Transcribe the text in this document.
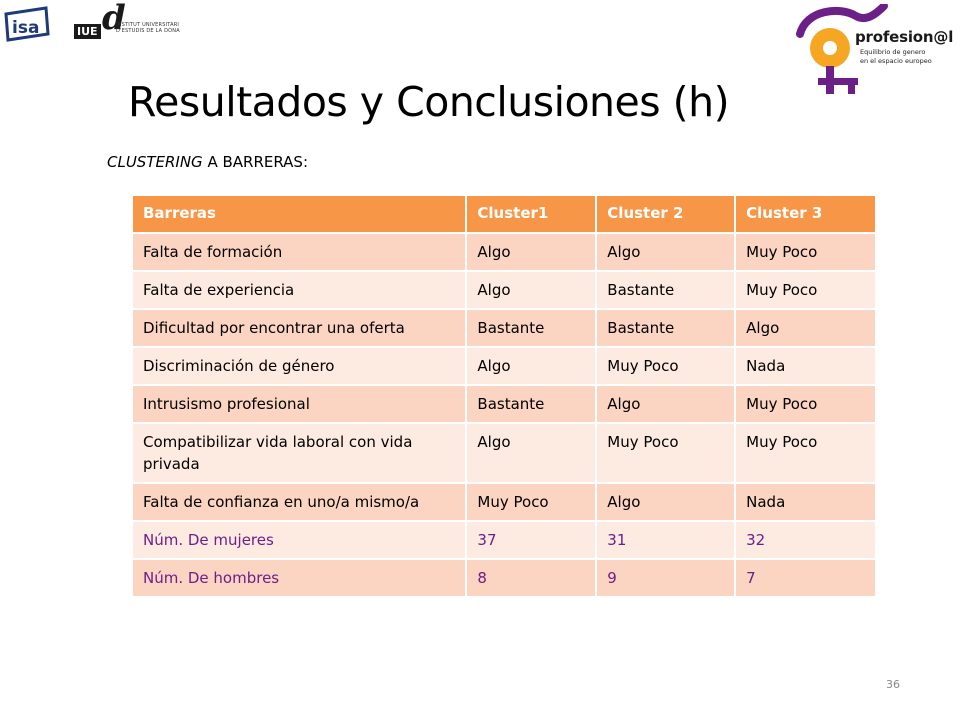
isa	IUE d
INSTITUT UNIVERSITARI D'ESTUDIS DE LA DONA	profesion@l
Equilibrio de genero
en el espacio europeo
Resultados y Conclusiones (h)
CLUSTERING A BARRERAS:
Barreras	Cluster1	Cluster 2	Cluster 3
Falta de formación	Algo	Algo	Muy Poco
Falta de experiencia	Algo	Bastante	Muy Poco
Dificultad por encontrar una oferta	Bastante	Bastante	Algo
Discriminación de género	Algo	Muy Poco	Nada
Intrusismo profesional	Bastante	Algo	Muy Poco
Compatibilizar vida laboral con vida privada	Algo	Muy Poco	Muy Poco
Falta de confianza en uno/a mismo/a	Muy Poco	Algo	Nada
Núm. De mujeres	37	31	32
Núm. De hombres	8	9	7
36
